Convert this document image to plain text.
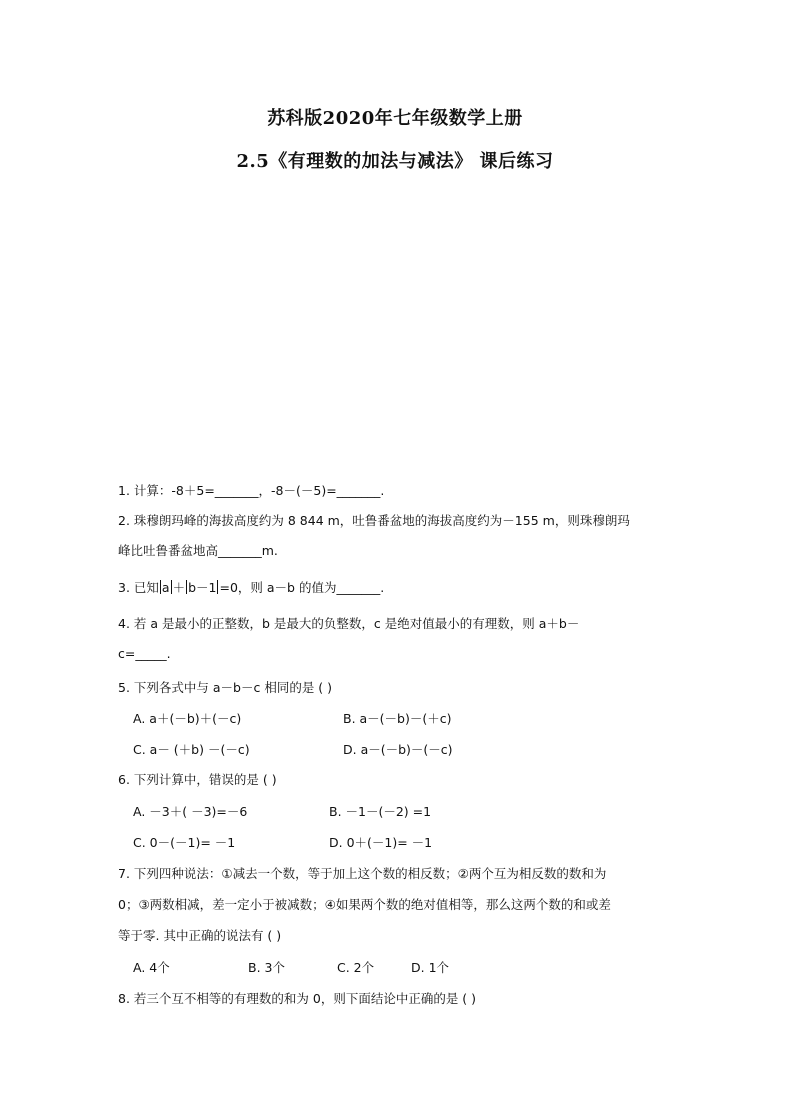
苏科版2020年七年级数学上册
2.5《有理数的加法与减法》 课后练习
1. 计算：-8＋5=_______，-8－(－5)=_______.
2. 珠穆朗玛峰的海拔高度约为 8 844 m，吐鲁番盆地的海拔高度约为－155 m，则珠穆朗玛
峰比吐鲁番盆地高_______m.
3. 已知 a ＋ b－1 =0，则 a－b 的值为_______.
4. 若 a 是最小的正整数，b 是最大的负整数，c 是绝对值最小的有理数，则 a＋b－
c=_____.
5. 下列各式中与 a－b－c 相同的是 ( )
A. a＋(－b)＋(－c)	B. a－(－b)－(＋c)
C. a－ (＋b) －(－c)	D. a－(－b)－(－c)
6. 下列计算中，错误的是 ( )
A. －3＋( －3)=－6	B. －1－(－2) =1
C. 0－(－1)= －1	D. 0＋(－1)= －1
7. 下列四种说法：①减去一个数，等于加上这个数的相反数；②两个互为相反数的数和为
0；③两数相减，差一定小于被减数；④如果两个数的绝对值相等，那么这两个数的和或差
等于零. 其中正确的说法有 ( )
A. 4个	B. 3个	C. 2个	D. 1个
8. 若三个互不相等的有理数的和为 0，则下面结论中正确的是 ( )
